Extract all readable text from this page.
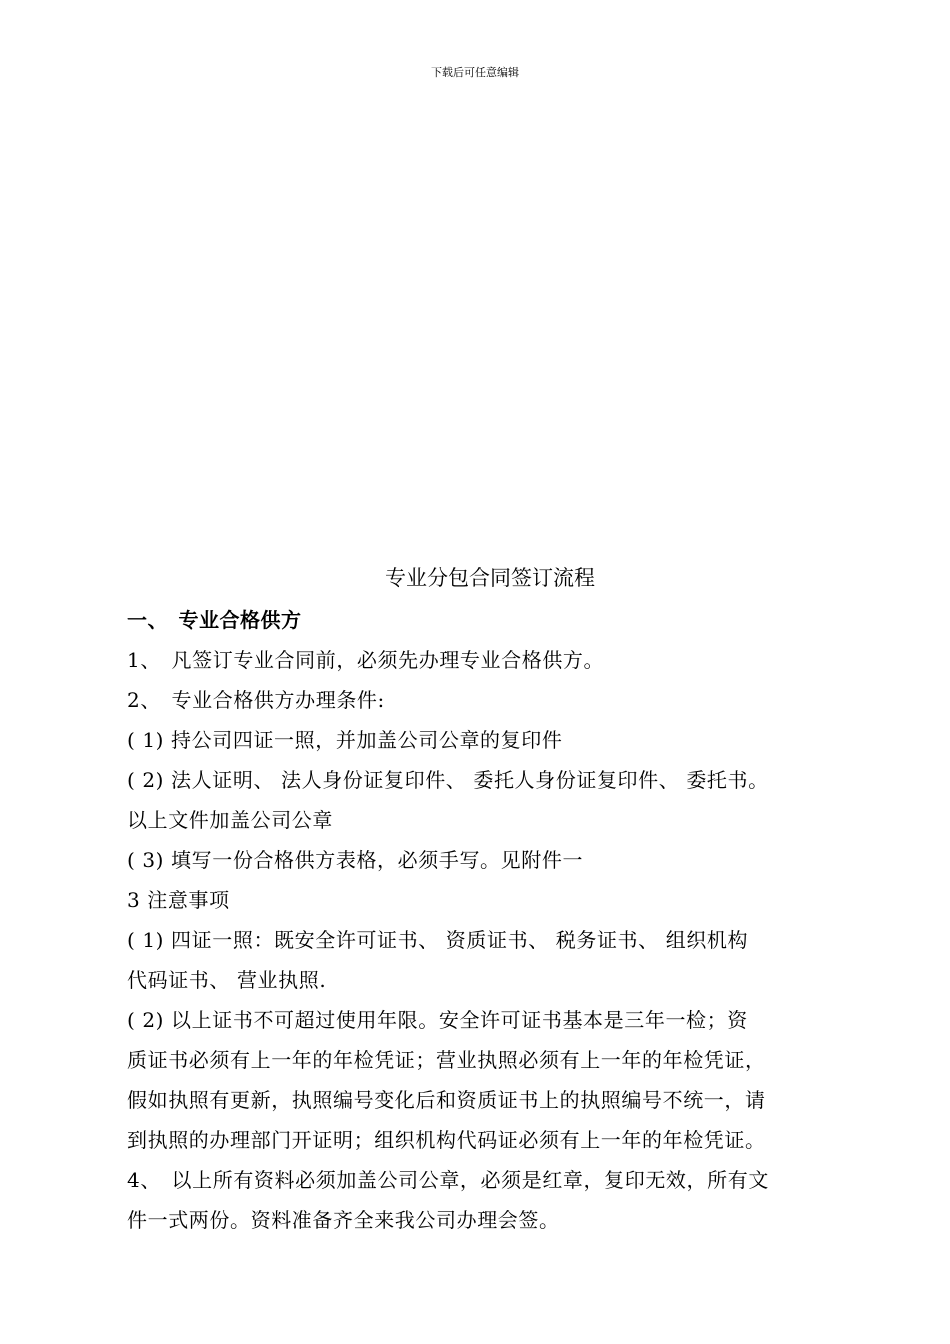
下载后可任意编辑
专业分包合同签订流程
一、　专业合格供方
1、　凡签订专业合同前，必须先办理专业合格供方。
2、　专业合格供方办理条件:
( 1) 持公司四证一照，并加盖公司公章的复印件
( 2) 法人证明、 法人身份证复印件、 委托人身份证复印件、 委托书。
以上文件加盖公司公章
( 3) 填写一份合格供方表格，必须手写。见附件一
3 注意事项
( 1) 四证一照：既安全许可证书、 资质证书、 税务证书、 组织机构
代码证书、 营业执照.
( 2) 以上证书不可超过使用年限。安全许可证书基本是三年一检；资
质证书必须有上一年的年检凭证；营业执照必须有上一年的年检凭证，
假如执照有更新，执照编号变化后和资质证书上的执照编号不统一，请
到执照的办理部门开证明；组织机构代码证必须有上一年的年检凭证。
4、　以上所有资料必须加盖公司公章，必须是红章，复印无效，所有文
件一式两份。资料准备齐全来我公司办理会签。
